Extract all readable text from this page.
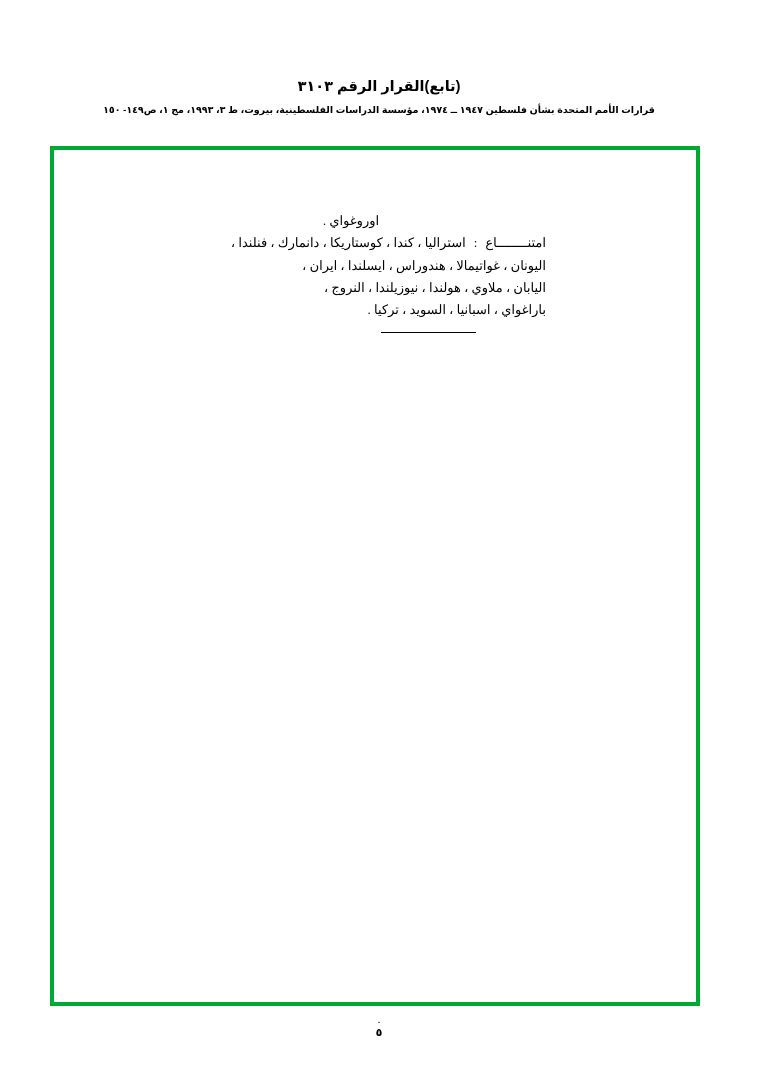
(تابع)القرار الرقم ٣١٠٣
قرارات الأمم المتحدة بشأن فلسطين ١٩٤٧ ــ ١٩٧٤، مؤسسة الدراسات الفلسطينية، بيروت، ط ٣، ١٩٩٣، مج ١، ص١٤٩- ١٥٠
اوروغواي .
امتنــــــــاع
:
استراليا ، كندا ، كوستاريكا ، دانمارك ، فنلندا ،
اليونان ، غواتيمالا ، هندوراس ، ايسلندا ، ايران ،
اليابان ، ملاوي ، هولندا ، نيوزيلندا ، النروج ،
باراغواي ، اسبانيا ، السويد ، تركيا .
.
٥
